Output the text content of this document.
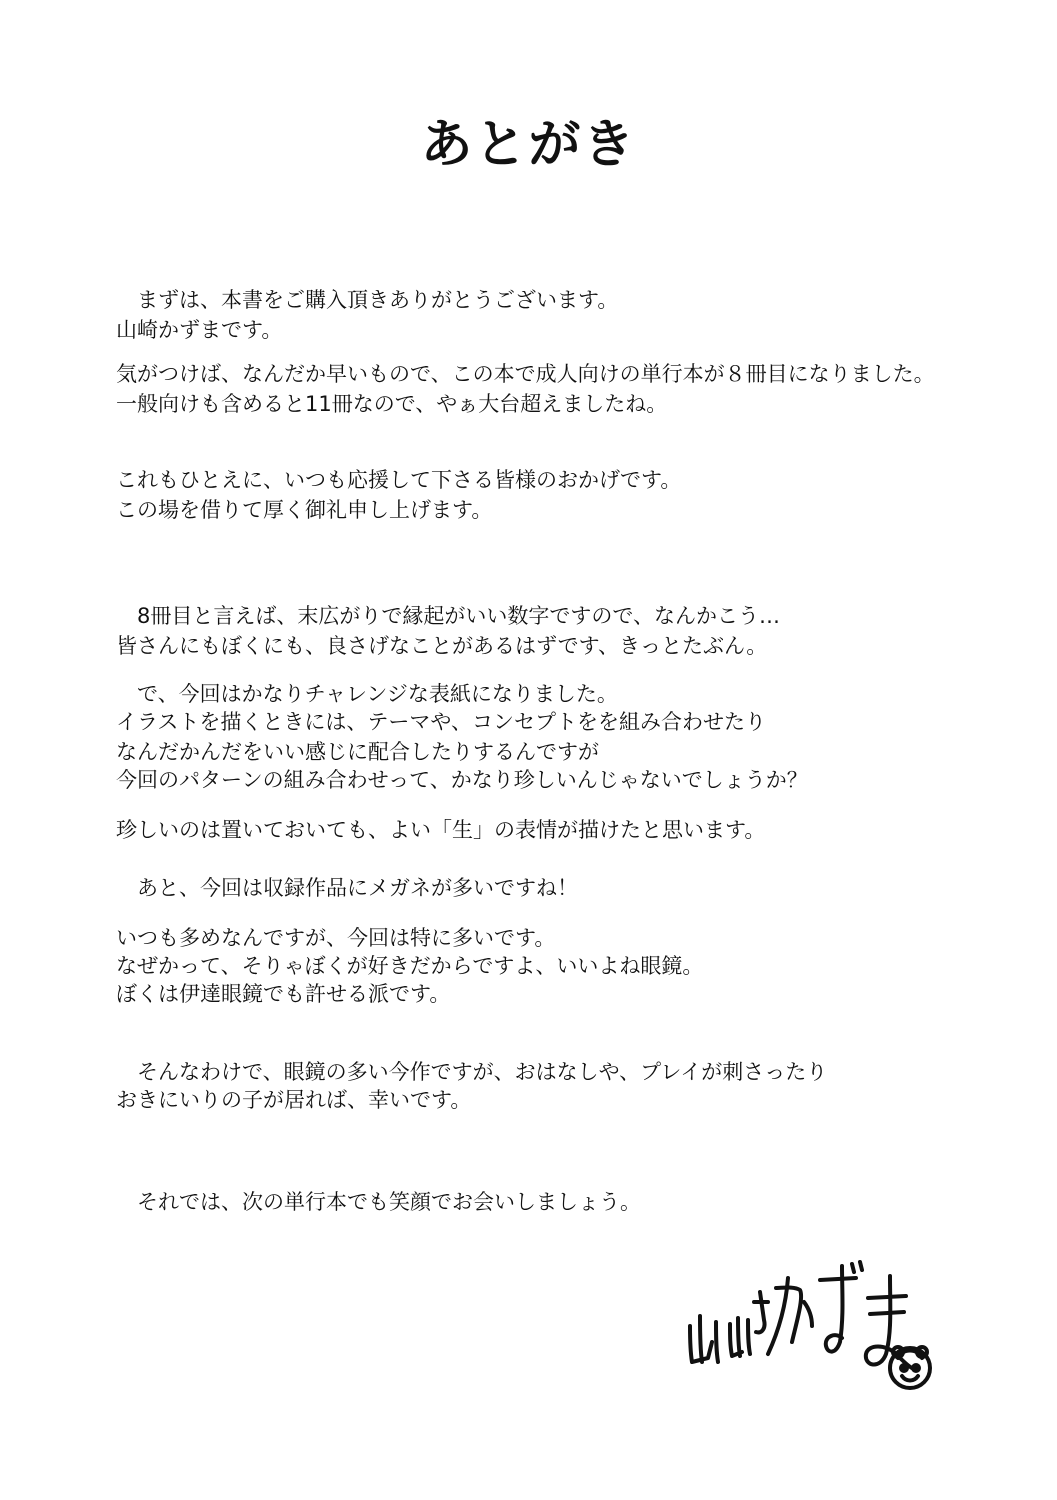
あとがき

　まずは、本書をご購入頂きありがとうございます。

山崎かずまです。

気がつけば、なんだか早いもので、この本で成人向けの単行本が８冊目になりました。

一般向けも含めると11冊なので、やぁ大台超えましたね。

これもひとえに、いつも応援して下さる皆様のおかげです。

この場を借りて厚く御礼申し上げます。

　8冊目と言えば、末広がりで縁起がいい数字ですので、なんかこう…

皆さんにもぼくにも、良さげなことがあるはずです、きっとたぶん。

　で、今回はかなりチャレンジな表紙になりました。

イラストを描くときには、テーマや、コンセプトをを組み合わせたり

なんだかんだをいい感じに配合したりするんですが

今回のパターンの組み合わせって、かなり珍しいんじゃないでしょうか？

珍しいのは置いておいても、よい「生」の表情が描けたと思います。

　あと、今回は収録作品にメガネが多いですね！

いつも多めなんですが、今回は特に多いです。

なぜかって、そりゃぼくが好きだからですよ、いいよね眼鏡。

ぼくは伊達眼鏡でも許せる派です。

　そんなわけで、眼鏡の多い今作ですが、おはなしや、プレイが刺さったり

おきにいりの子が居れば、幸いです。

　それでは、次の単行本でも笑顔でお会いしましょう。
